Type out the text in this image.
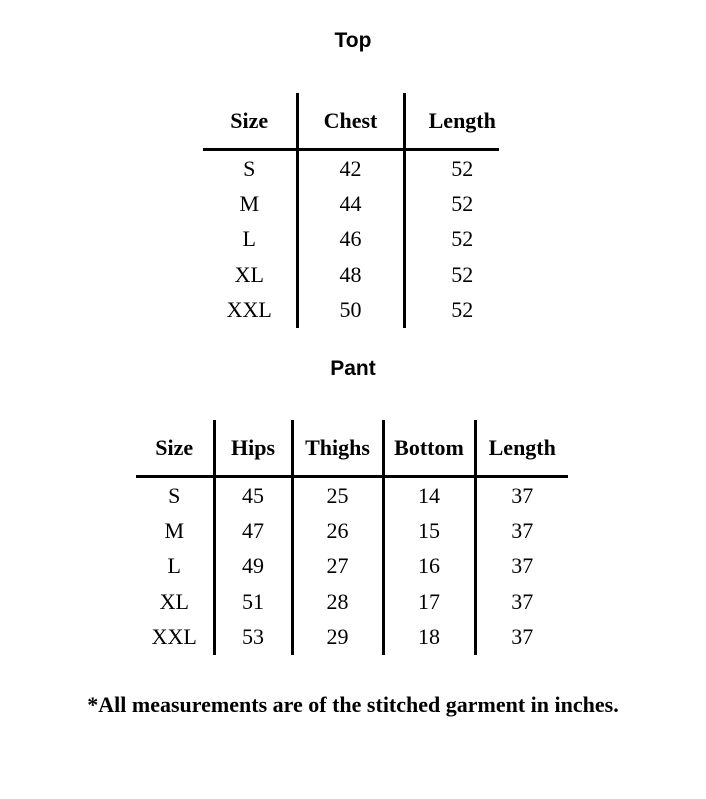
Top
Size	Chest	Length
S	42	52
M	44	52
L	46	52
XL	48	52
XXL	50	52
Pant
Size	Hips	Thighs	Bottom	Length
S	45	25	14	37
M	47	26	15	37
L	49	27	16	37
XL	51	28	17	37
XXL	53	29	18	37
*All measurements are of the stitched garment in inches.
